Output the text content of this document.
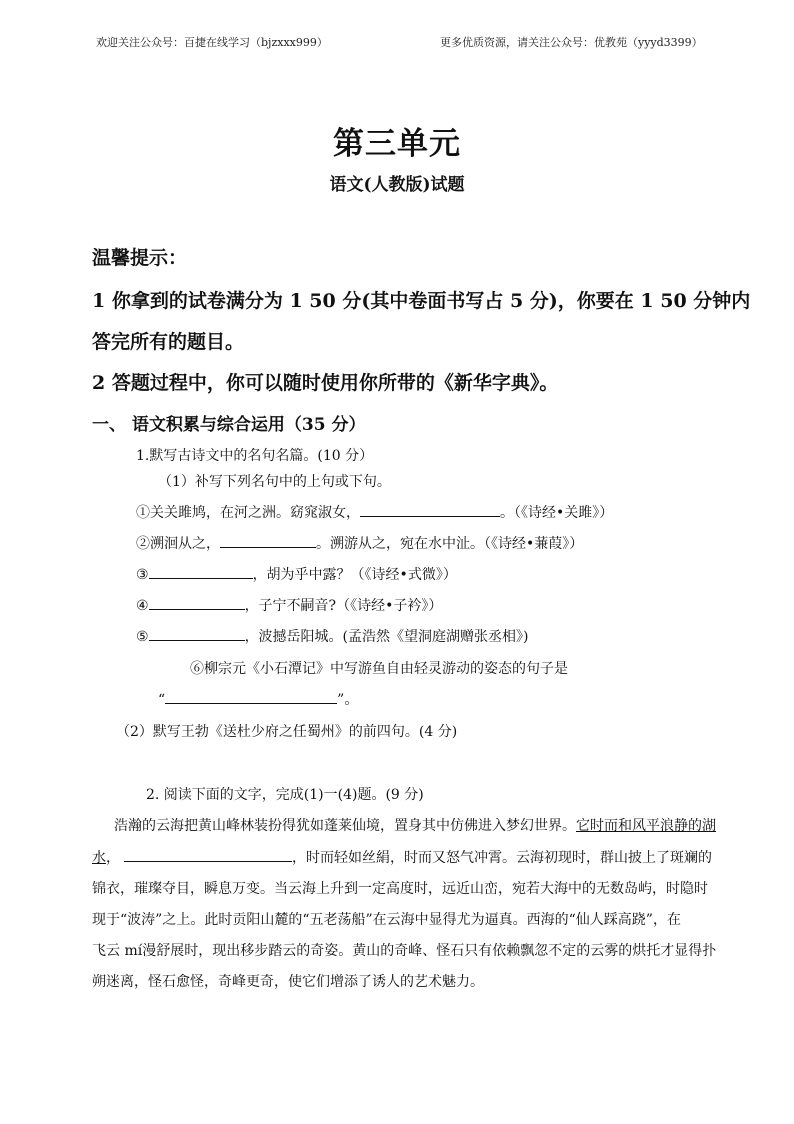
欢迎关注公众号：百捷在线学习（bjzxxx999）	更多优质资源，请关注公众号：优教苑（yyyd3399）
第三单元
语文(人教版)试题
温馨提示：
1 你拿到的试卷满分为 1 50 分(其中卷面书写占 5 分)，你要在 1 50 分钟内
答完所有的题目。
2 答题过程中，你可以随时使用你所带的《新华字典》。
一、 语文积累与综合运用（35 分）
1.默写古诗文中的名句名篇。(10 分）
（1）补写下列名句中的上句或下句。
①关关雎鸠，在河之洲。窈窕淑女，	。（《诗经•关雎》）
②溯洄从之，	。溯游从之，宛在水中沚。（《诗经•蒹葭》）
③	，胡为乎中露？（《诗经•式微》）
④	，子宁不嗣音?（《诗经•子衿》）
⑤	，波撼岳阳城。(孟浩然《望洞庭湖赠张丞相》)
⑥柳宗元《小石潭记》中写游鱼自由轻灵游动的姿态的句子是
“	”。
（2）默写王勃《送杜少府之任蜀州》的前四句。(4 分)
2. 阅读下面的文字，完成(1)一(4)题。(9 分)
浩瀚的云海把黄山峰林装扮得犹如蓬莱仙境，置身其中仿佛进入梦幻世界。它时而和风平浪静的湖
水，	，时而轻如丝絹，时而又怒气冲霄。云海初现时，群山披上了斑斓的
锦衣，璀璨夺目，瞬息万变。当云海上升到一定高度时，远近山峦，宛若大海中的无数岛屿，时隐时
现于“波涛”之上。此时贡阳山麓的“五老荡船”在云海中显得尤为逼真。西海的“仙人踩高跷”，在
飞云 mí漫舒展时，现出移步踏云的奇姿。黄山的奇峰、怪石只有依赖飘忽不定的云雾的烘托才显得扑
朔迷离，怪石愈怪，奇峰更奇，使它们增添了诱人的艺术魅力。
